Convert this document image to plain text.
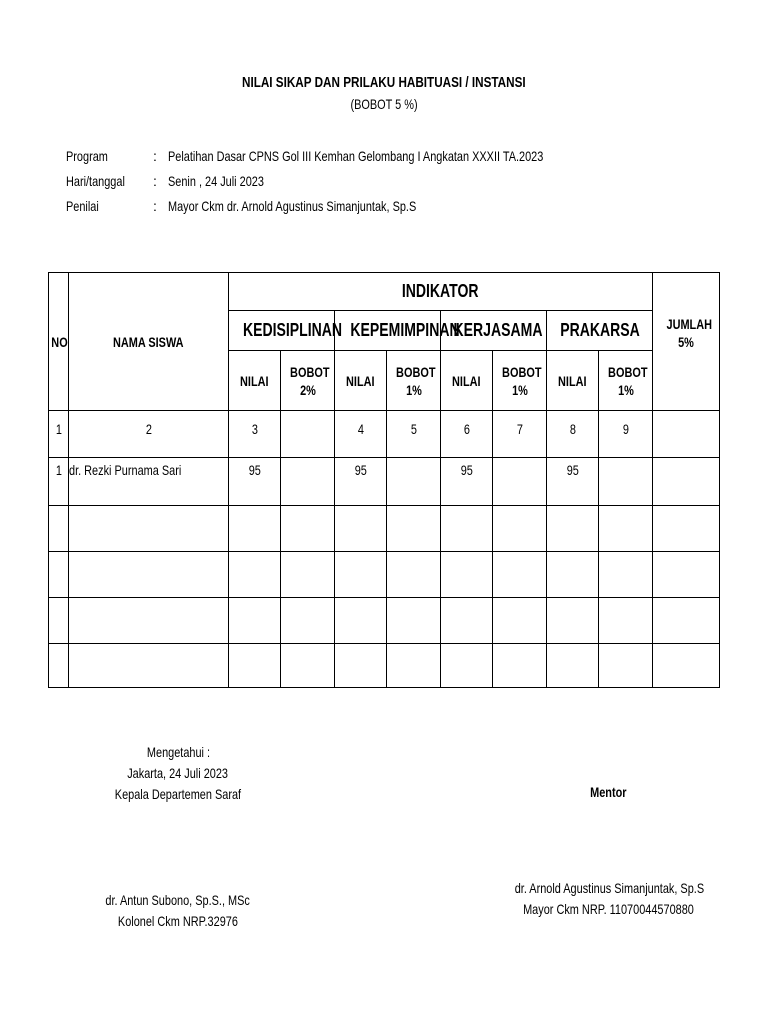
NILAI SIKAP DAN PRILAKU HABITUASI / INSTANSI
(BOBOT 5 %)
Program	: Pelatihan Dasar CPNS Gol III Kemhan Gelombang I Angkatan XXXII TA.2023
Hari/tanggal	: Senin , 24 Juli 2023
Penilai	: Mayor Ckm dr. Arnold Agustinus Simanjuntak, Sp.S
NO	NAMA SISWA	INDIKATOR								JUMLAH 5%
		KEDISIPLINAN		KEPEMIMPINAN		KERJASAMA		PRAKARSA		
		NILAI	BOBOT 2%	NILAI	BOBOT 1%	NILAI	BOBOT 1%	NILAI	BOBOT 1%	
1	2	3		4	5	6	7	8	9	
1	dr. Rezki Purnama Sari	95		95		95		95		

Mengetahui :
Jakarta, 24 Juli 2023
Kepala Departemen Saraf
dr. Antun Subono, Sp.S., MSc
Kolonel Ckm NRP.32976
Mentor
dr. Arnold Agustinus Simanjuntak, Sp.S
Mayor Ckm NRP. 11070044570880
